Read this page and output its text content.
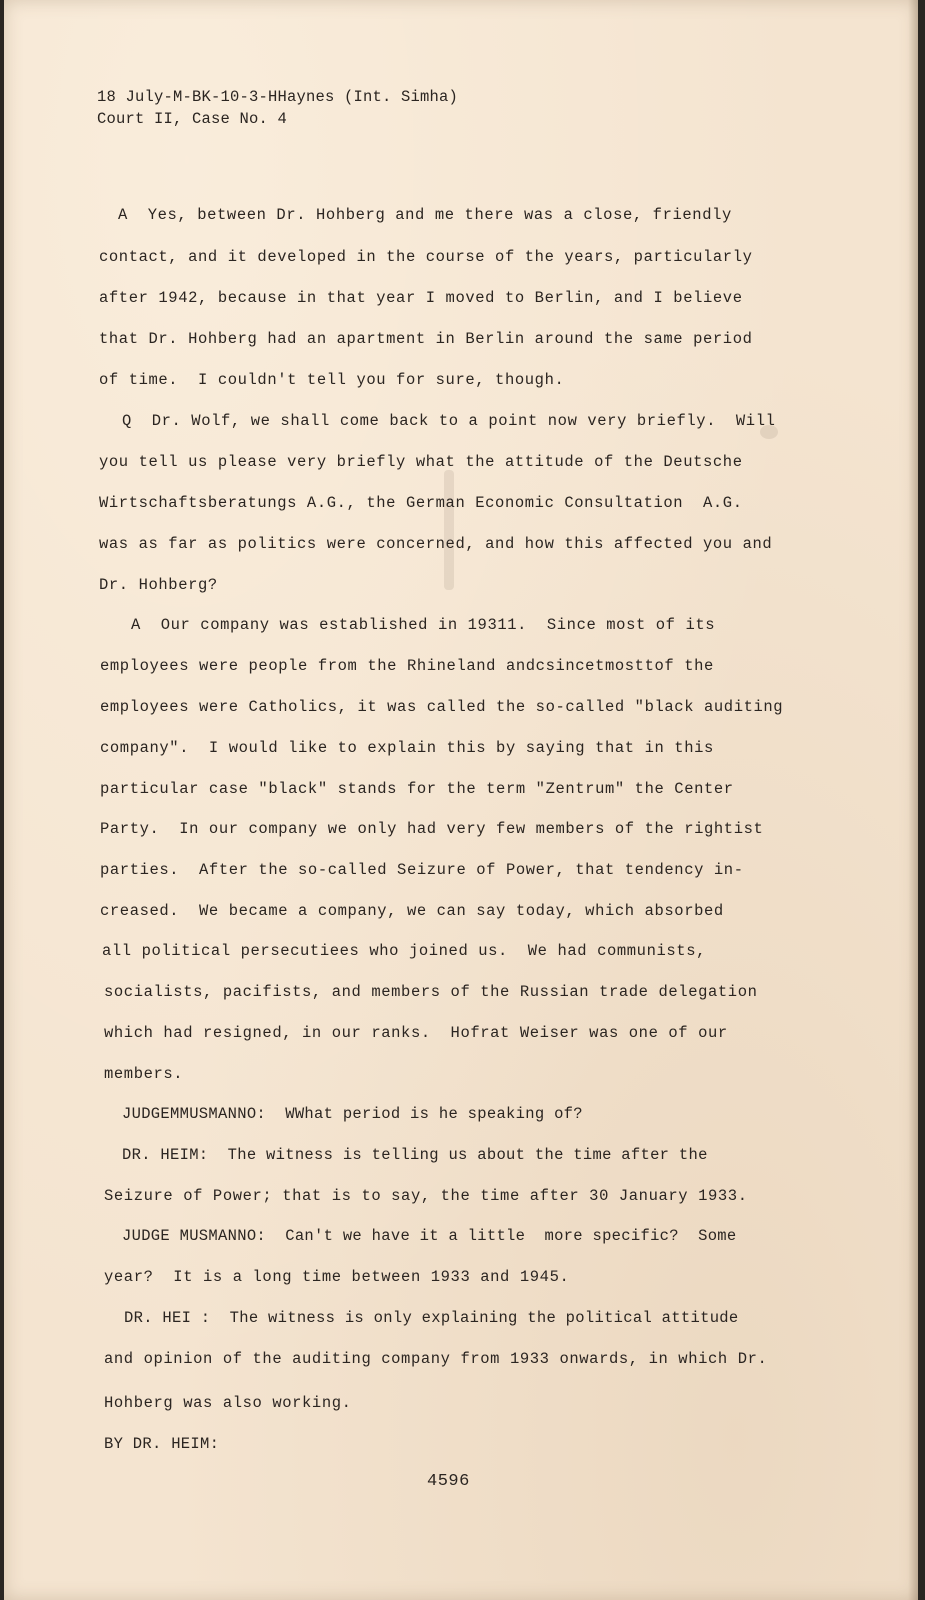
18 July-M-BK-10-3-HHaynes (Int. Simha)
Court II, Case No. 4
A  Yes, between Dr. Hohberg and me there was a close, friendly
contact, and it developed in the course of the years, particularly
after 1942, because in that year I moved to Berlin, and I believe
that Dr. Hohberg had an apartment in Berlin around the same period
of time.  I couldn't tell you for sure, though.
Q  Dr. Wolf, we shall come back to a point now very briefly.  Will
you tell us please very briefly what the attitude of the Deutsche
Wirtschaftsberatungs A.G., the German Economic Consultation  A.G.
was as far as politics were concerned, and how this affected you and
Dr. Hohberg?
A  Our company was established in 19311.  Since most of its
employees were people from the Rhineland andcsincetmosttof the
employees were Catholics, it was called the so-called "black auditing
company".  I would like to explain this by saying that in this
particular case "black" stands for the term "Zentrum" the Center
Party.  In our company we only had very few members of the rightist
parties.  After the so-called Seizure of Power, that tendency in-
creased.  We became a company, we can say today, which absorbed
all political persecutiees who joined us.  We had communists,
socialists, pacifists, and members of the Russian trade delegation
which had resigned, in our ranks.  Hofrat Weiser was one of our
members.
JUDGEMMUSMANNO:  WWhat period is he speaking of?
DR. HEIM:  The witness is telling us about the time after the
Seizure of Power; that is to say, the time after 30 January 1933.
JUDGE MUSMANNO:  Can't we have it a little  more specific?  Some
year?  It is a long time between 1933 and 1945.
DR. HEI :  The witness is only explaining the political attitude
and opinion of the auditing company from 1933 onwards, in which Dr.
Hohberg was also working.
BY DR. HEIM:
4596
